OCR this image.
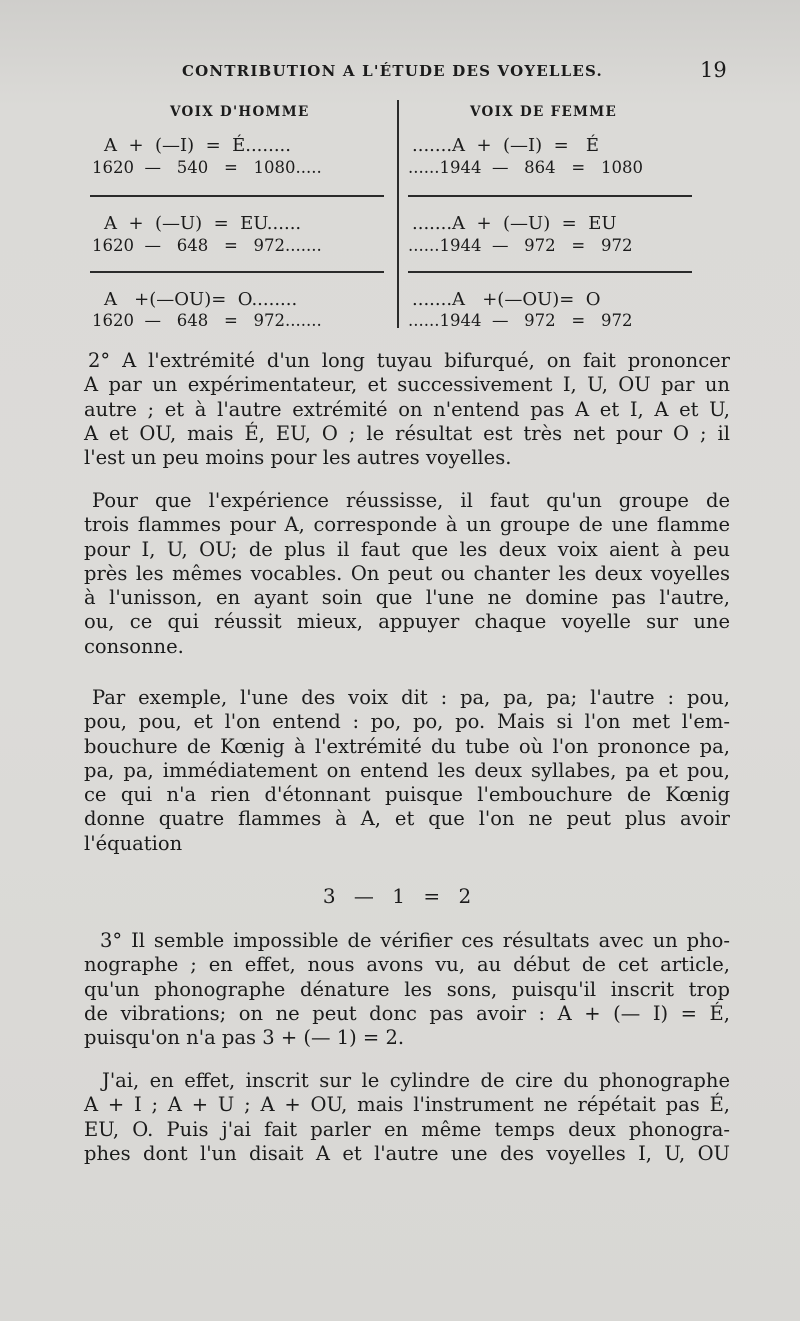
CONTRIBUTION A L'ÉTUDE DES VOYELLES.	19
VOIX D'HOMME	VOIX DE FEMME
A  +  (—I)  =  É........
1620  —   540   =   1080.....
.......A  +  (—I)  =   É
......1944  —   864   =   1080
A  +  (—U)  =  EU......
1620  —   648   =   972.......
.......A  +  (—U)  =  EU
......1944  —   972   =   972
A   +(—OU)=  O........
1620  —   648   =   972.......
.......A   +(—OU)=  O
......1944  —   972   =   972
2° A l'extrémité d'un long tuyau bifurqué, on fait prononcer
A par un expérimentateur, et successivement I, U, OU par un
autre ; et à l'autre extrémité on n'entend pas A et I, A et U,
A et OU, mais É, EU, O ; le résultat est très net pour O ; il
l'est un peu moins pour les autres voyelles.
Pour que l'expérience réussisse, il faut qu'un groupe de
trois flammes pour A, corresponde à un groupe de une flamme
pour I, U, OU; de plus il faut que les deux voix aient à peu
près les mêmes vocables. On peut ou chanter les deux voyelles
à l'unisson, en ayant soin que l'une ne domine pas l'autre,
ou, ce qui réussit mieux, appuyer chaque voyelle sur une
consonne.
Par exemple, l'une des voix dit : pa, pa, pa; l'autre : pou,
pou, pou, et l'on entend : po, po, po. Mais si l'on met l'em-
bouchure de Kœnig à l'extrémité du tube où l'on prononce pa,
pa, pa, immédiatement on entend les deux syllabes, pa et pou,
ce qui n'a rien d'étonnant puisque l'embouchure de Kœnig
donne quatre flammes à A, et que l'on ne peut plus avoir
l'équation
3 — 1 = 2
3° Il semble impossible de vérifier ces résultats avec un pho-
nographe ; en effet, nous avons vu, au début de cet article,
qu'un phonographe dénature les sons, puisqu'il inscrit trop
de vibrations; on ne peut donc pas avoir : A + (— I) = É,
puisqu'on n'a pas 3 + (— 1) = 2.
J'ai, en effet, inscrit sur le cylindre de cire du phonographe
A + I ; A + U ; A + OU, mais l'instrument ne répétait pas É,
EU, O. Puis j'ai fait parler en même temps deux phonogra-
phes dont l'un disait A et l'autre une des voyelles I, U, OU
